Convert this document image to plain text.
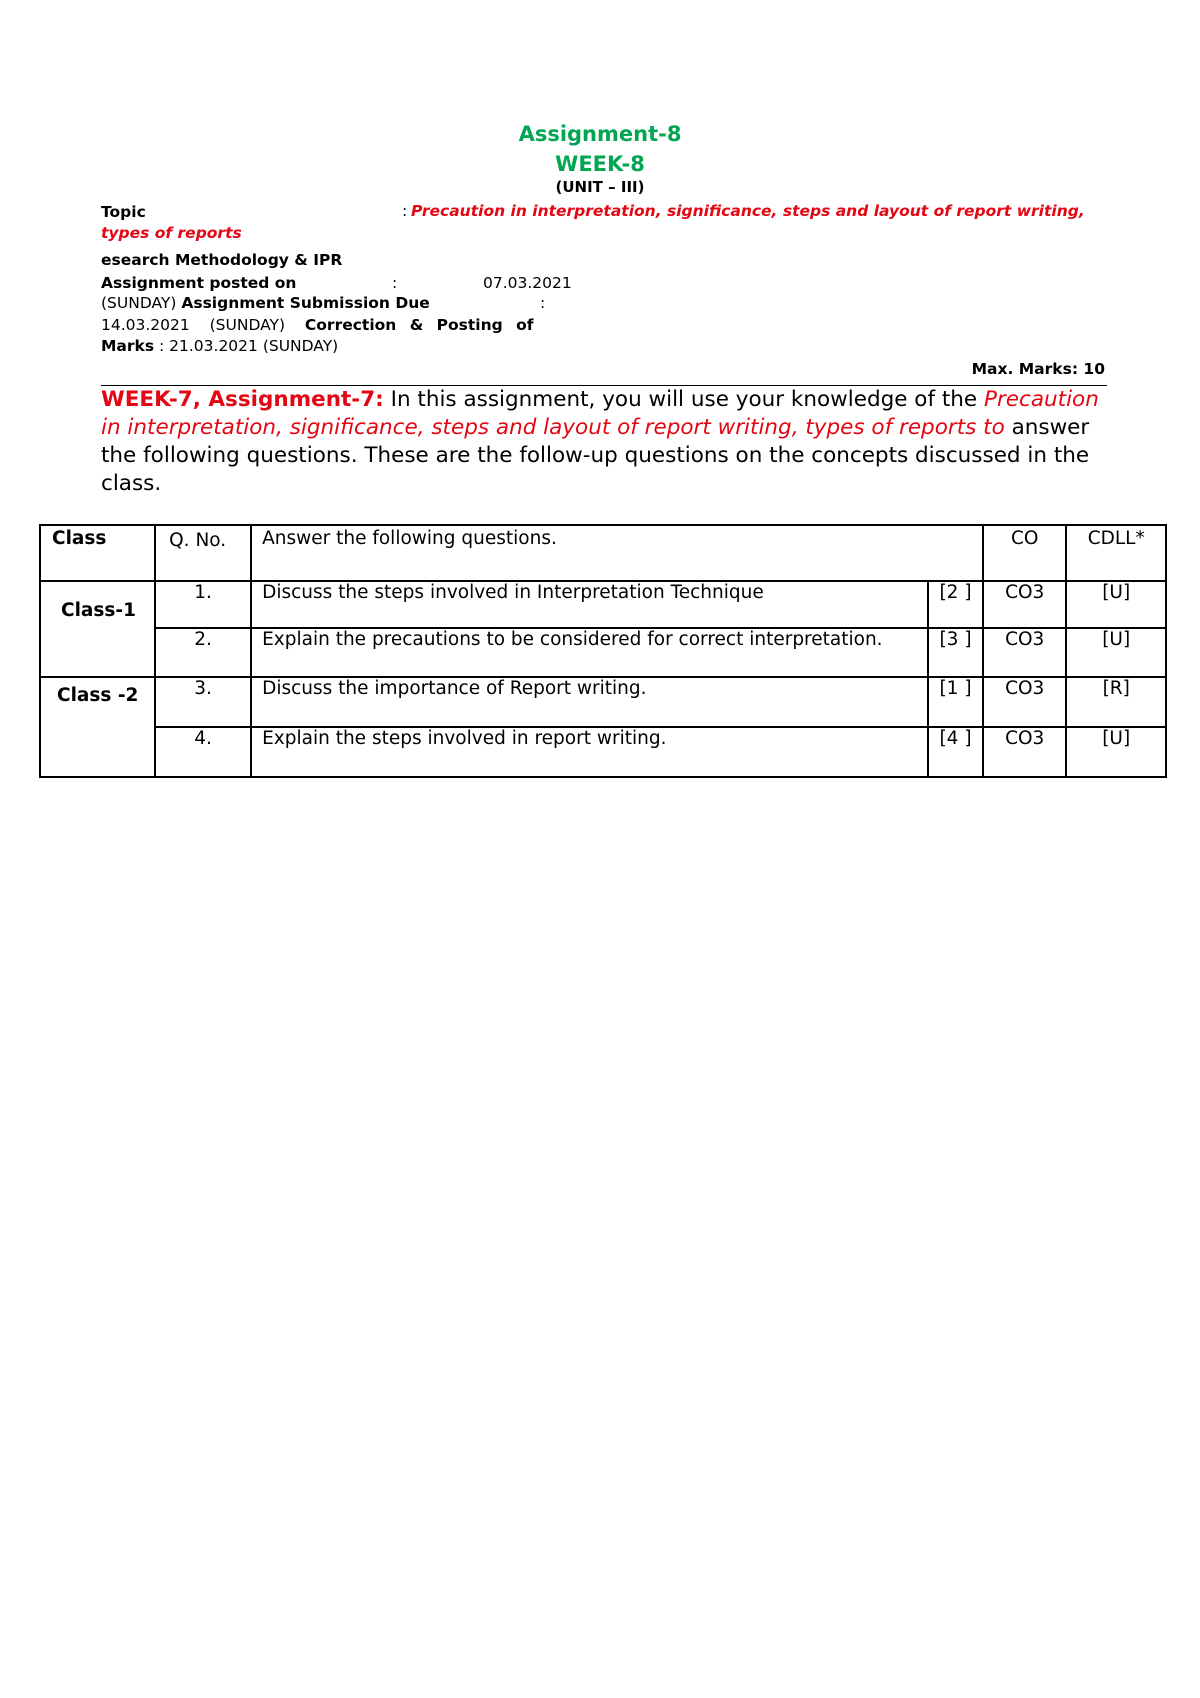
Assignment-8
WEEK-8
(UNIT – III)
Topic	: Precaution in interpretation, significance, steps and layout of report writing,
types of reports
esearch Methodology & IPR
Assignment posted on	:	07.03.2021
(SUNDAY) Assignment Submission Due	:
14.03.2021 (SUNDAY) Correction & Posting of
Marks : 21.03.2021 (SUNDAY)
Max. Marks: 10
WEEK-7, Assignment-7: In this assignment, you will use your knowledge of the Precaution in interpretation, significance, steps and layout of report writing, types of reports to answer the following questions. These are the follow-up questions on the concepts discussed in the class.
Class	Q. No.	Answer the following questions.		CO	CDLL*

Class-1	1.	Discuss the steps involved in Interpretation Technique	[2 ]	CO3	[U]
	2.	Explain the precautions to be considered for correct interpretation.	[3 ]	CO3	[U]
Class -2	3.	Discuss the importance of Report writing.	[1 ]	CO3	[R]
	4.	Explain the steps involved in report writing.	[4 ]	CO3	[U]
